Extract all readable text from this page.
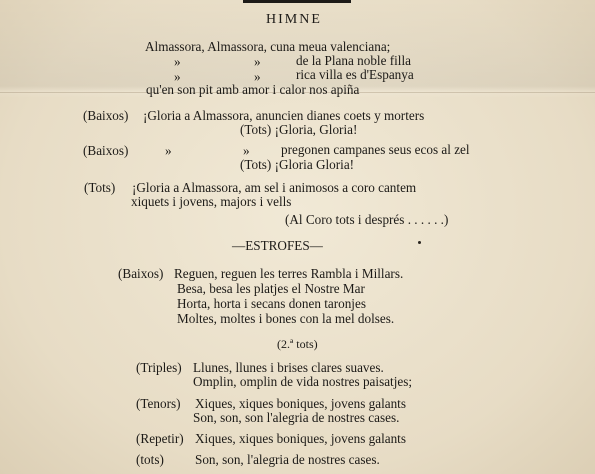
HIMNE
Almassora, Almassora, cuna meua valenciana;
»	»	de la Plana noble filla
»	»	rica villa es d'Espanya
qu'en son pit amb amor i calor nos apiña
(Baixos) ¡Gloria a Almassora, anuncien dianes coets y morters
(Tots) ¡Gloria, Gloria!
(Baixos)	»	» pregonen campanes seus ecos al zel
(Tots) ¡Gloria Gloria!
(Tots) ¡Gloria a Almassora, am sel i animosos a coro cantem
xiquets i jovens, majors i vells
(Al Coro tots i després . . . . . .)
—ESTROFES—
(Baixos) Reguen, reguen les terres Rambla i Millars.
Besa, besa les platjes el Nostre Mar
Horta, horta i secans donen taronjes
Moltes, moltes i bones con la mel dolses.
(2.ª tots)
(Triples) Llunes, llunes i brises clares suaves.
Omplin, omplin de vida nostres paisatjes;
(Tenors) Xiques, xiques boniques, jovens galants
Son, son, son l'alegria de nostres cases.
(Repetir) Xiques, xiques boniques, jovens galants
(tots) Son, son, l'alegria de nostres cases.
